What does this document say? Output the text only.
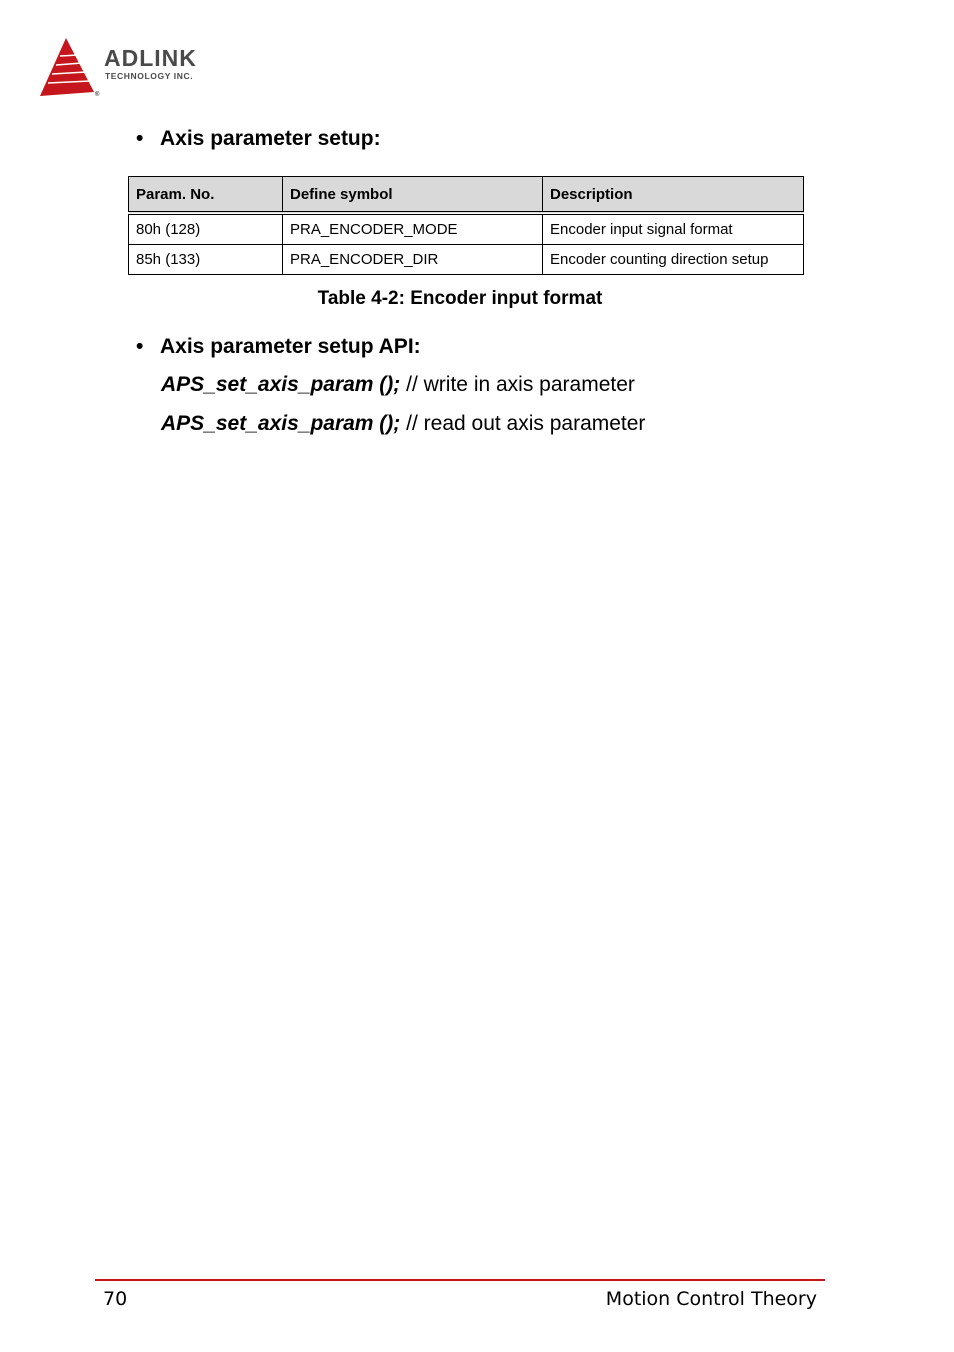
®
ADLINK
TECHNOLOGY INC.
• Axis parameter setup:
Param. No.	Define symbol	Description
80h (128)	PRA_ENCODER_MODE	Encoder input signal format
85h (133)	PRA_ENCODER_DIR	Encoder counting direction setup
Table 4-2: Encoder input format
• Axis parameter setup API:
APS_set_axis_param (); // write in axis parameter
APS_set_axis_param (); // read out axis parameter
70	Motion Control Theory
